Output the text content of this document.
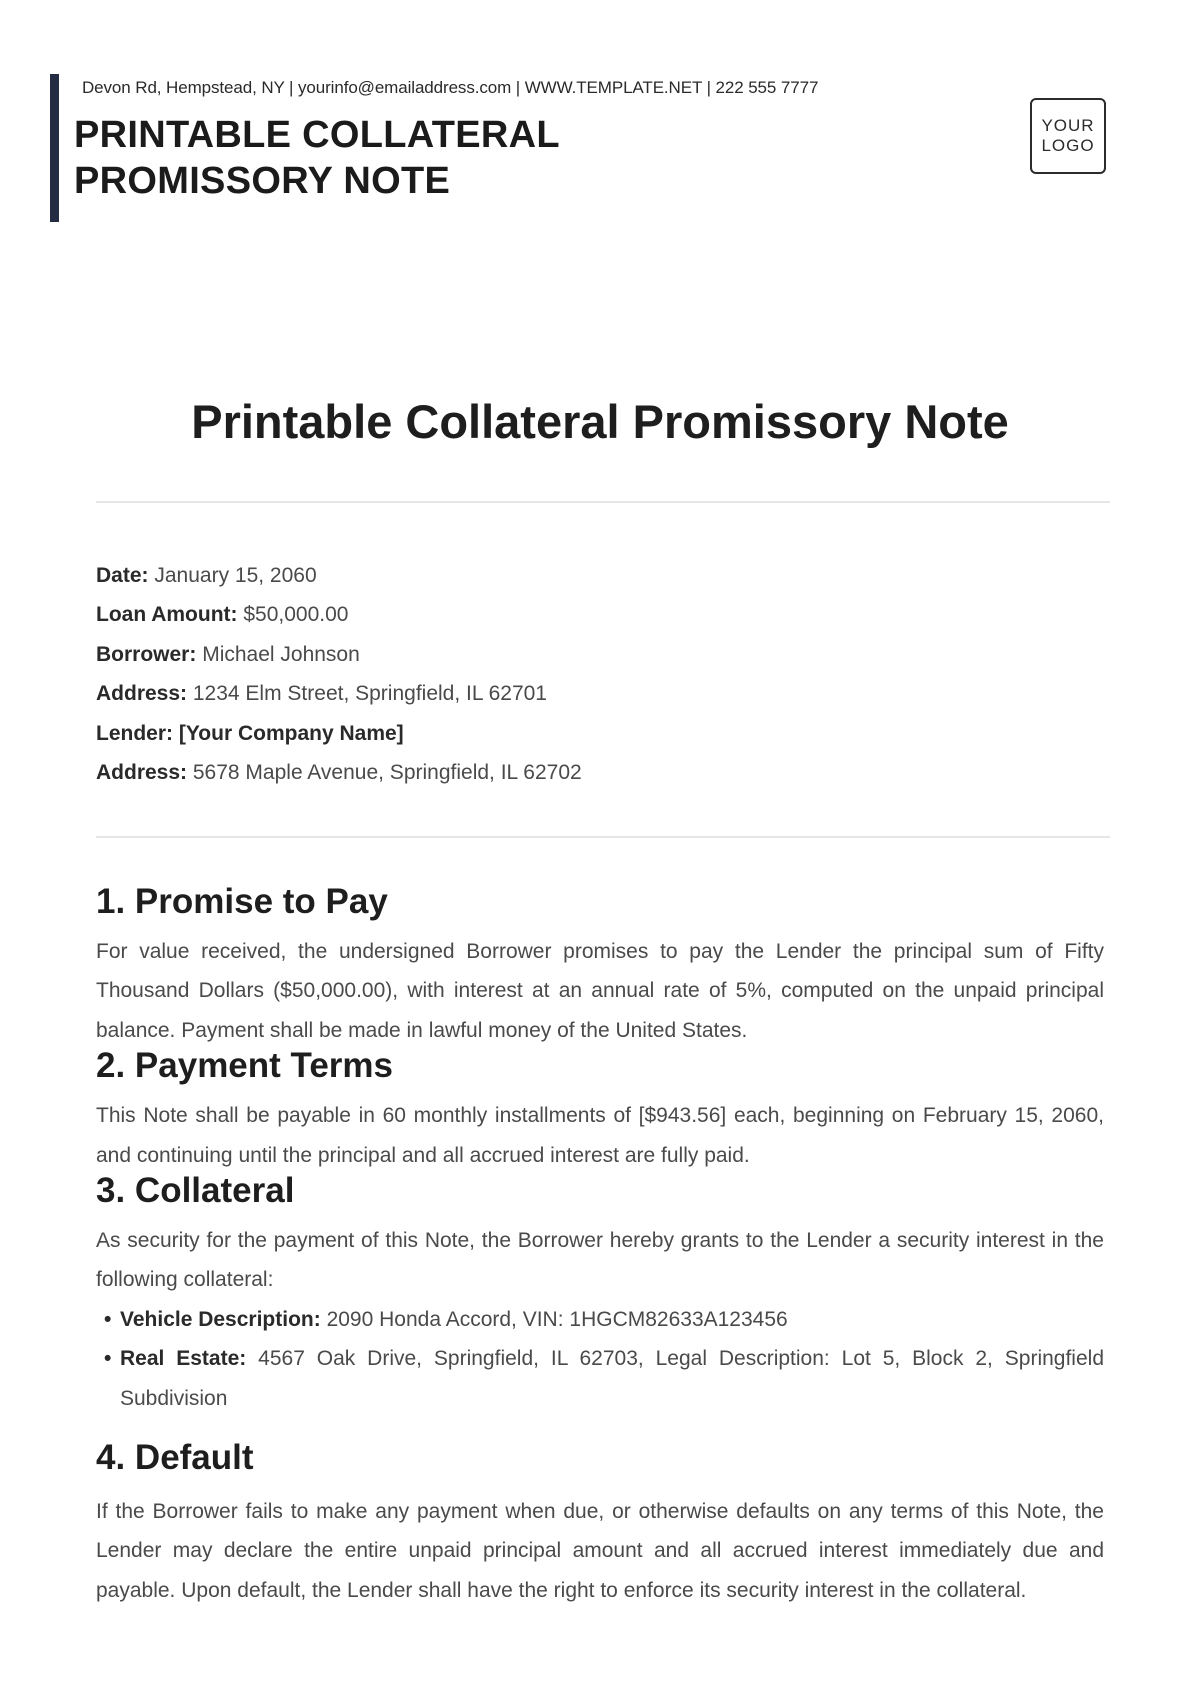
Devon Rd, Hempstead, NY | yourinfo@emailaddress.com | WWW.TEMPLATE.NET | 222 555 7777
PRINTABLE COLLATERAL
PROMISSORY NOTE
YOUR
LOGO
Printable Collateral Promissory Note
Date: January 15, 2060
Loan Amount: $50,000.00
Borrower: Michael Johnson
Address: 1234 Elm Street, Springfield, IL 62701
Lender: [Your Company Name]
Address: 5678 Maple Avenue, Springfield, IL 62702
1. Promise to Pay

For value received, the undersigned Borrower promises to pay the Lender the principal sum of Fifty Thousand Dollars ($50,000.00), with interest at an annual rate of 5%, computed on the unpaid principal balance. Payment shall be made in lawful money of the United States.

2. Payment Terms

This Note shall be payable in 60 monthly installments of [$943.56] each, beginning on February 15, 2060, and continuing until the principal and all accrued interest are fully paid.

3. Collateral

As security for the payment of this Note, the Borrower hereby grants to the Lender a security interest in the following collateral:

• Vehicle Description: 2090 Honda Accord, VIN: 1HGCM82633A123456
• Real Estate: 4567 Oak Drive, Springfield, IL 62703, Legal Description: Lot 5, Block 2, Springfield Subdivision
4. Default

If the Borrower fails to make any payment when due, or otherwise defaults on any terms of this Note, the Lender may declare the entire unpaid principal amount and all accrued interest immediately due and payable. Upon default, the Lender shall have the right to enforce its security interest in the collateral.
